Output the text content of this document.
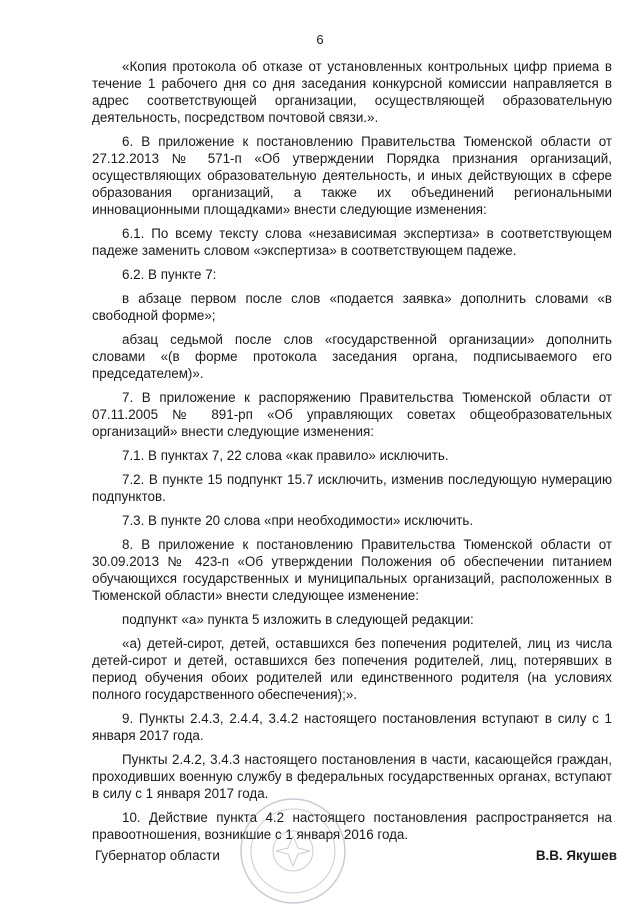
6

«Копия протокола об отказе от установленных контрольных цифр приема в течение 1 рабочего дня со дня заседания конкурсной комиссии направляется в адрес соответствующей организации, осуществляющей образовательную деятельность, посредством почтовой связи.».

6. В приложение к постановлению Правительства Тюменской области от 27.12.2013 № 571-п «Об утверждении Порядка признания организаций, осуществляющих образовательную деятельность, и иных действующих в сфере образования организаций, а также их объединений региональными инновационными площадками» внести следующие изменения:

6.1. По всему тексту слова «независимая экспертиза» в соответствующем падеже заменить словом «экспертиза» в соответствующем падеже.

6.2. В пункте 7:

в абзаце первом после слов «подается заявка» дополнить словами «в свободной форме»;

абзац седьмой после слов «государственной организации» дополнить словами «(в форме протокола заседания органа, подписываемого его председателем)».

7. В приложение к распоряжению Правительства Тюменской области от 07.11.2005 № 891-рп «Об управляющих советах общеобразовательных организаций» внести следующие изменения:

7.1. В пунктах 7, 22 слова «как правило» исключить.

7.2. В пункте 15 подпункт 15.7 исключить, изменив последующую нумерацию подпунктов.

7.3. В пункте 20 слова «при необходимости» исключить.

8. В приложение к постановлению Правительства Тюменской области от 30.09.2013 № 423-п «Об утверждении Положения об обеспечении питанием обучающихся государственных и муниципальных организаций, расположенных в Тюменской области» внести следующее изменение:

подпункт «а» пункта 5 изложить в следующей редакции:

«а) детей-сирот, детей, оставшихся без попечения родителей, лиц из числа детей-сирот и детей, оставшихся без попечения родителей, лиц, потерявших в период обучения обоих родителей или единственного родителя (на условиях полного государственного обеспечения);».

9. Пункты 2.4.3, 2.4.4, 3.4.2 настоящего постановления вступают в силу с 1 января 2017 года.

Пункты 2.4.2, 3.4.3 настоящего постановления в части, касающейся граждан, проходивших военную службу в федеральных государственных органах, вступают в силу с 1 января 2017 года.

10. Действие пункта 4.2 настоящего постановления распространяется на правоотношения, возникшие с 1 января 2016 года.

Губернатор области	В.В. Якушев
